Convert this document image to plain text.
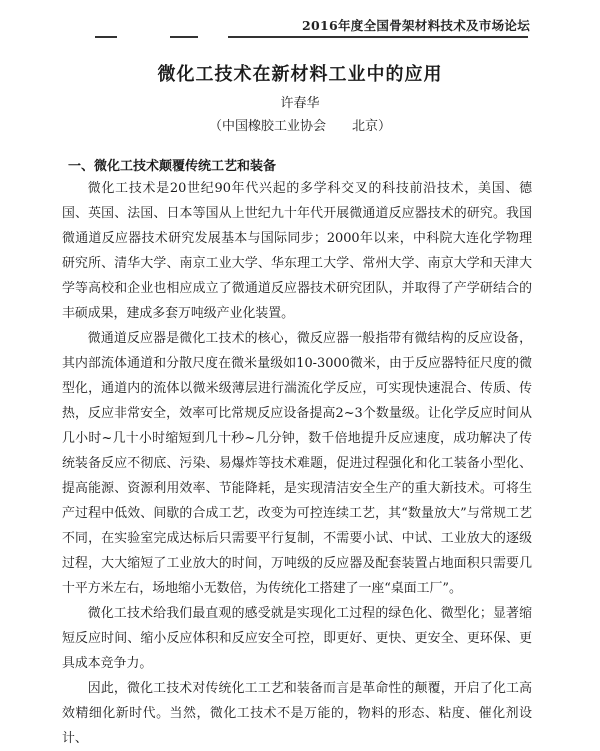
2016年度全国骨架材料技术及市场论坛
微化工技术在新材料工业中的应用
许春华
（中国橡胶工业协会　　北京）
一、微化工技术颠覆传统工艺和装备

微化工技术是20世纪90年代兴起的多学科交叉的科技前沿技术，美国、德国、英国、法国、日本等国从上世纪九十年代开展微通道反应器技术的研究。我国微通道反应器技术研究发展基本与国际同步；2000年以来，中科院大连化学物理研究所、清华大学、南京工业大学、华东理工大学、常州大学、南京大学和天津大学等高校和企业也相应成立了微通道反应器技术研究团队，并取得了产学研结合的丰硕成果，建成多套万吨级产业化装置。

微通道反应器是微化工技术的核心，微反应器一般指带有微结构的反应设备，其内部流体通道和分散尺度在微米量级如10-3000微米，由于反应器特征尺度的微型化，通道内的流体以微米级薄层进行湍流化学反应，可实现快速混合、传质、传热，反应非常安全，效率可比常规反应设备提高2~3个数量级。让化学反应时间从几小时~几十小时缩短到几十秒~几分钟，数千倍地提升反应速度，成功解决了传统装备反应不彻底、污染、易爆炸等技术难题，促进过程强化和化工装备小型化、提高能源、资源利用效率、节能降耗，是实现清洁安全生产的重大新技术。可将生产过程中低效、间歇的合成工艺，改变为可控连续工艺，其“数量放大”与常规工艺不同，在实验室完成达标后只需要平行复制，不需要小试、中试、工业放大的逐级过程，大大缩短了工业放大的时间，万吨级的反应器及配套装置占地面积只需要几十平方米左右，场地缩小无数倍，为传统化工搭建了一座“桌面工厂”。

微化工技术给我们最直观的感受就是实现化工过程的绿色化、微型化；显著缩短反应时间、缩小反应体积和反应安全可控，即更好、更快、更安全、更环保、更具成本竞争力。

因此，微化工技术对传统化工工艺和装备而言是革命性的颠覆，开启了化工高效精细化新时代。当然，微化工技术不是万能的，物料的形态、粘度、催化剂设计、
